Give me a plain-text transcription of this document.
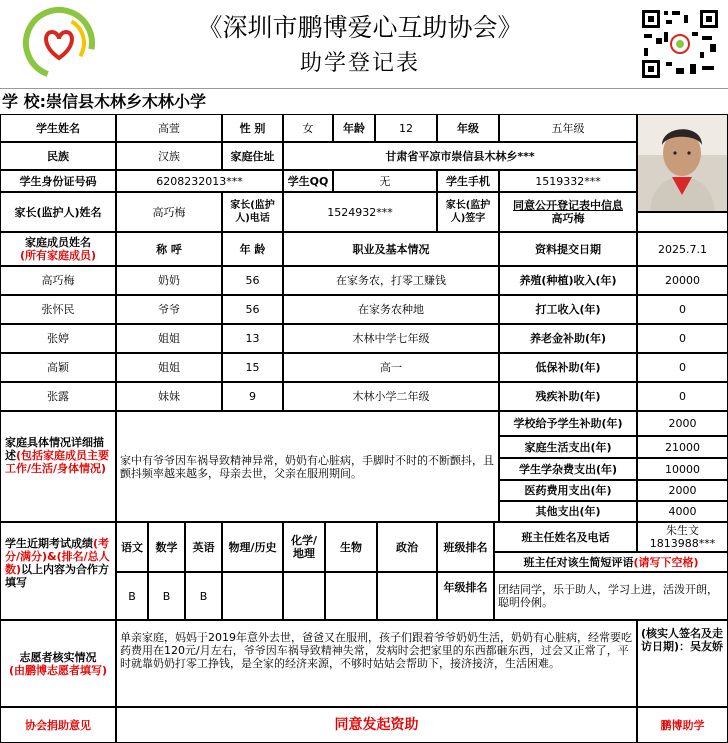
《深圳市鹏博爱心互助协会》
助学登记表
学 校:崇信县木林乡木林小学
学生姓名	高萱	性 别	女	年龄	12	年级	五年级
民族	汉族	家庭住址	甘肃省平凉市崇信县木林乡***
学生身份证号码	6208232013***	学生QQ	无	学生手机	1519332***
家长(监护人)姓名	高巧梅	家长(监护人)电话	1524932***	家长(监护人)签字
同意公开登记表中信息
高巧梅
家庭成员姓名
(所有家庭成员)	称 呼	年 龄	职业及基本情况	资料提交日期	2025.7.1
高巧梅	奶奶	56	在家务农，打零工赚钱	养殖(种植)收入(年)	20000
张怀民	爷爷	56	在家务农种地	打工收入(年)	0
张婷	姐姐	13	木林中学七年级	养老金补助(年)	0
高颖	姐姐	15	高一	低保补助(年)	0
张露	妹妹	9	木林小学二年级	残疾补助(年)	0
家庭具体情况详细描述(包括家庭成员主要工作/生活/身体情况)
家中有爷爷因车祸导致精神异常，奶奶有心脏病，手脚时不时的不断颤抖，且颤抖频率越来越多，母亲去世，父亲在服刑期间。
学校给予学生补助(年)	2000
家庭生活支出(年)	21000
学生学杂费支出(年)	10000
医药费用支出(年)	2000
其他支出(年)	4000
学生近期考试成绩(考分/满分)&(排名/总人数)以上内容为合作方填写
语文	数学	英语	物理/历史	化学/地理	生物	政治	班级排名
班主任姓名及电话	朱生文 1813988***
班主任对该生简短评语 (请写下空格)
B	B	B
年级排名 团结同学，乐于助人，学习上进，活泼开朗，聪明伶俐。
志愿者核实情况
(由鹏博志愿者填写)
单亲家庭，妈妈于2019年意外去世，爸爸又在服刑，孩子们跟着爷爷奶奶生活，奶奶有心脏病，经常要吃药费用在120元/月左右，爷爷因车祸导致精神失常，发病时会把家里的东西都砸东西，过会又正常了，平时就靠奶奶打零工挣钱，是全家的经济来源，不够时姑姑会帮助下，接济接济，生活困难。
(核实人签名及走访日期)：吴友娇
协会捐助意见	同意发起资助	鹏博助学
